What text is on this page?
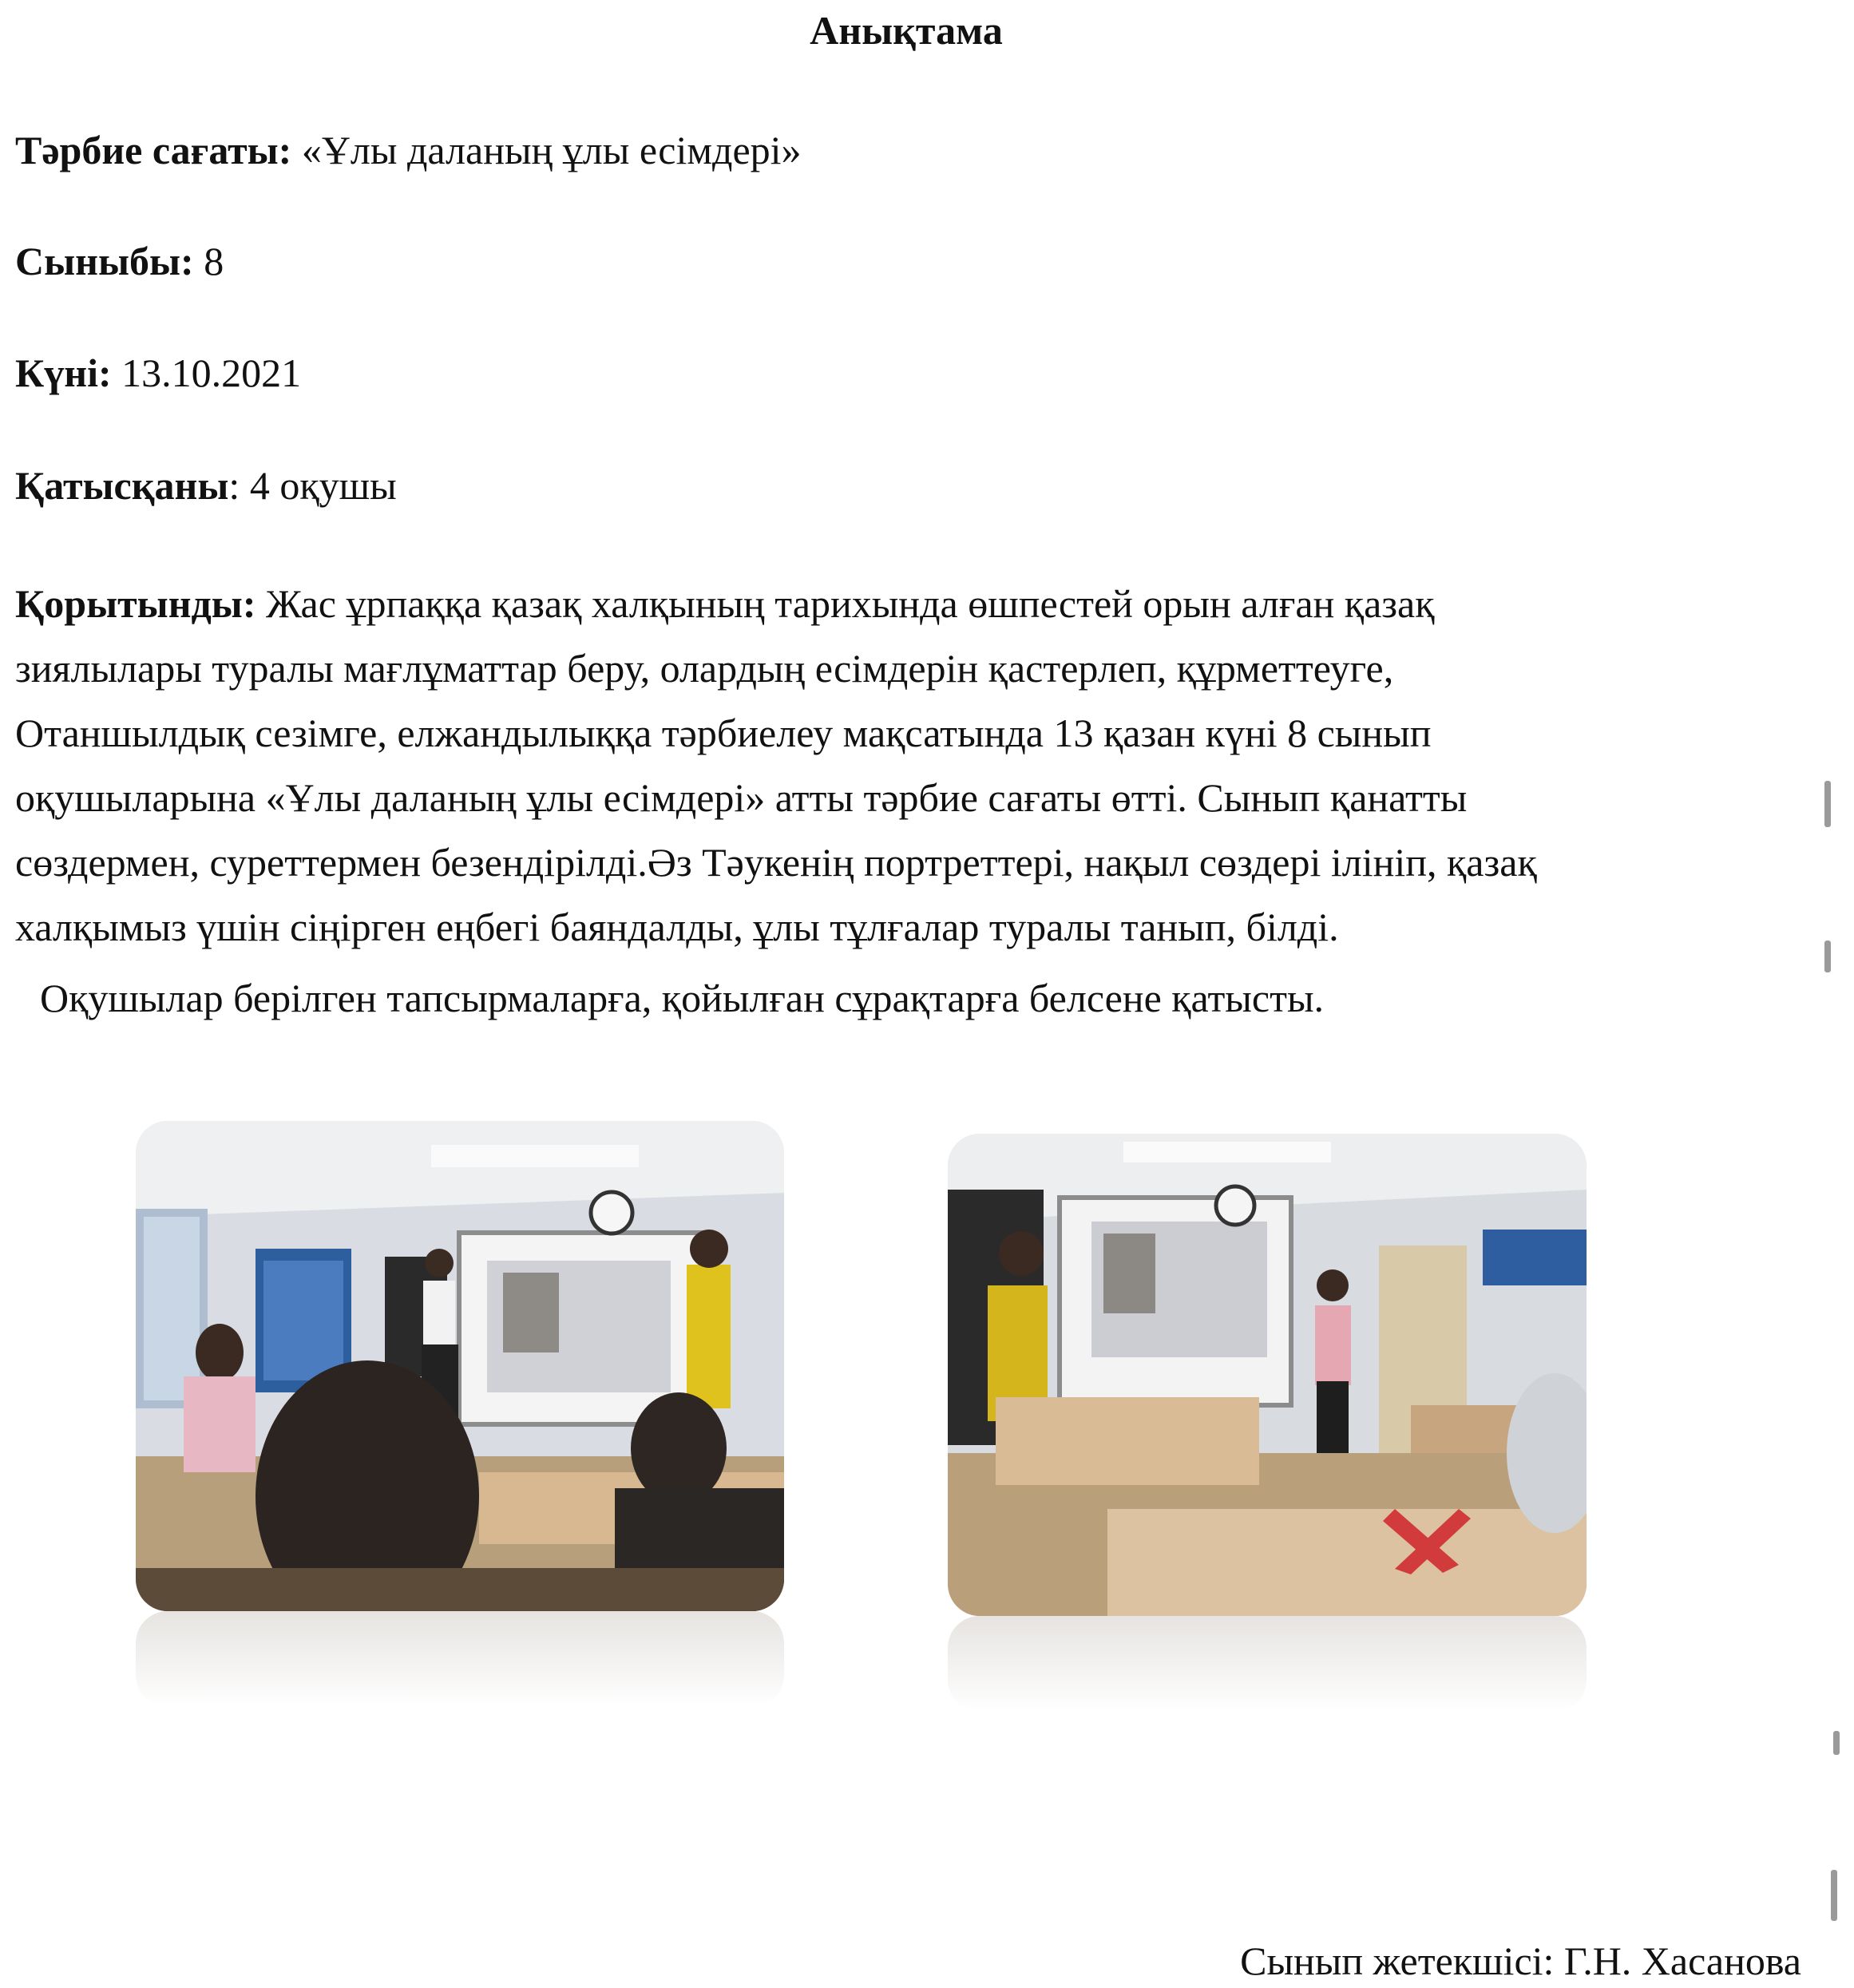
Анықтама
Тәрбие сағаты: «Ұлы даланың ұлы есімдері»
Сыныбы: 8
Күні: 13.10.2021
Қатысқаны: 4 оқушы
Қорытынды: Жас ұрпаққа қазақ халқының тарихында өшпестей орын алған қазақ
зиялылары туралы мағлұматтар беру, олардың есімдерін қастерлеп, құрметтеуге,
Отаншылдық сезімге, елжандылыққа тәрбиелеу мақсатында 13 қазан күні 8 сынып
оқушыларына «Ұлы даланың ұлы есімдері» атты тәрбие сағаты өтті. Сынып қанатты
сөздермен, суреттермен безендірілді.Әз Тәукенің портреттері, нақыл сөздері ілініп, қазақ
халқымыз үшін сіңірген еңбегі баяндалды, ұлы тұлғалар туралы танып, білді.
Оқушылар берілген тапсырмаларға, қойылған сұрақтарға белсене қатысты.
Сынып жетекшісі: Г.Н. Хасанова
